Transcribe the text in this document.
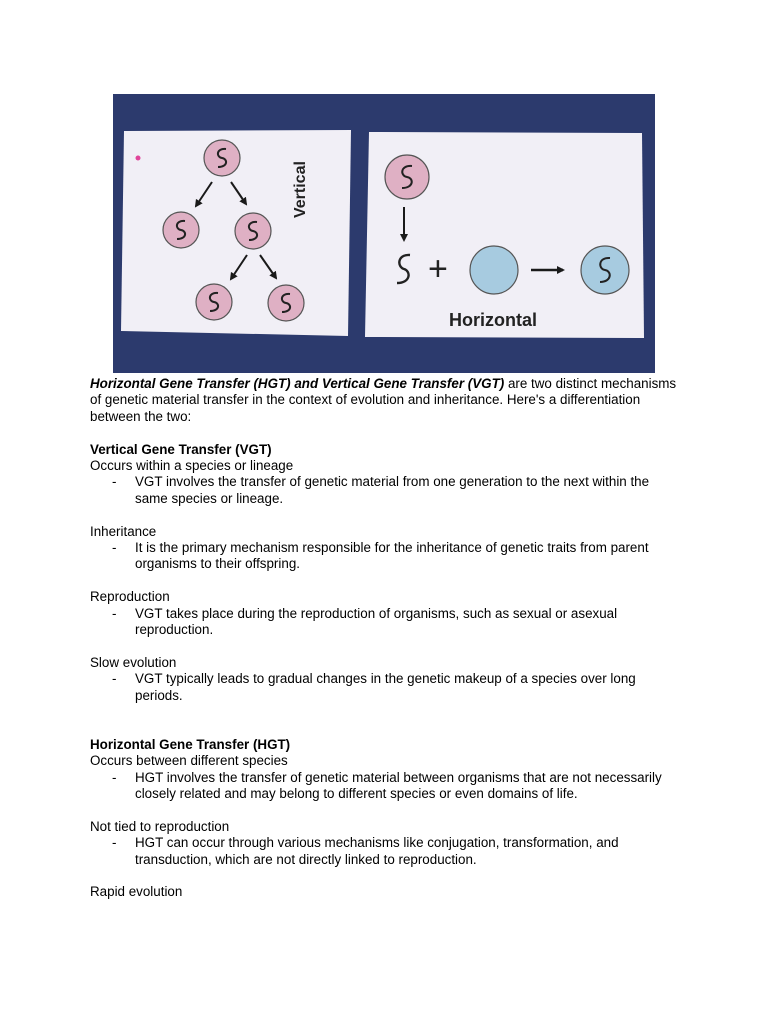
Vertical
+
Horizontal

Horizontal Gene Transfer (HGT) and Vertical Gene Transfer (VGT) are two distinct mechanisms of genetic material transfer in the context of evolution and inheritance. Here's a differentiation between the two:

Vertical Gene Transfer (VGT)

Occurs within a species or lineage

- VGT involves the transfer of genetic material from one generation to the next within the same species or lineage.

Inheritance

- It is the primary mechanism responsible for the inheritance of genetic traits from parent organisms to their offspring.

Reproduction

- VGT takes place during the reproduction of organisms, such as sexual or asexual reproduction.

Slow evolution

- VGT typically leads to gradual changes in the genetic makeup of a species over long periods.

Horizontal Gene Transfer (HGT)

Occurs between different species

- HGT involves the transfer of genetic material between organisms that are not necessarily closely related and may belong to different species or even domains of life.

Not tied to reproduction

- HGT can occur through various mechanisms like conjugation, transformation, and transduction, which are not directly linked to reproduction.

Rapid evolution
